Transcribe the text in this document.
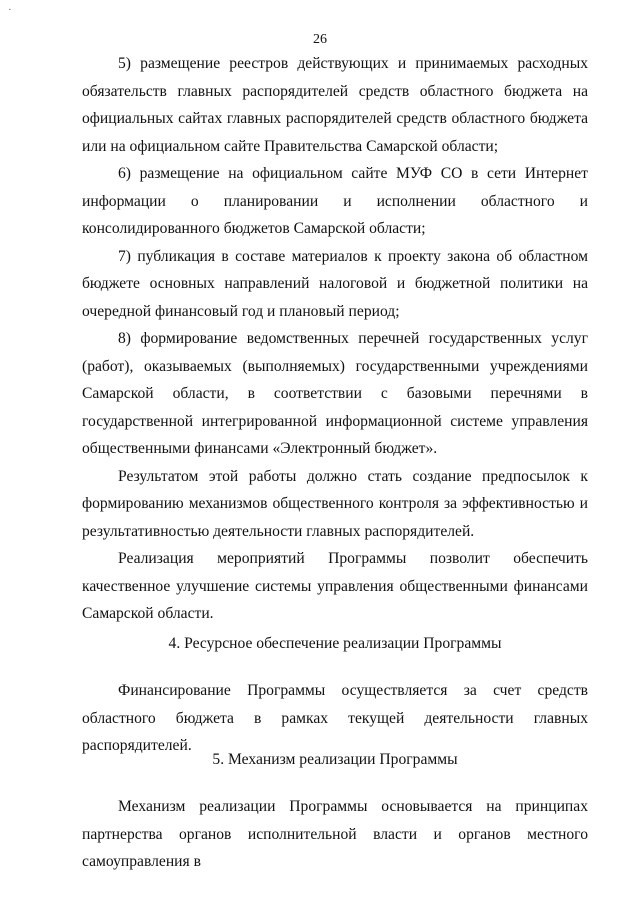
·
26

5) размещение реестров действующих и принимаемых расходных обязательств главных распорядителей средств областного бюджета на официальных сайтах главных распорядителей средств областного бюджета или на официальном сайте Правительства Самарской области;

6) размещение на официальном сайте МУФ СО в сети Интернет информации о планировании и исполнении областного и консолидированного бюджетов Самарской области;

7) публикация в составе материалов к проекту закона об областном бюджете основных направлений налоговой и бюджетной политики на очередной финансовый год и плановый период;

8) формирование ведомственных перечней государственных услуг (работ), оказываемых (выполняемых) государственными учреждениями Самарской области, в соответствии с базовыми перечнями в государственной интегрированной информационной системе управления общественными финансами «Электронный бюджет».

Результатом этой работы должно стать создание предпосылок к формированию механизмов общественного контроля за эффективностью и результативностью деятельности главных распорядителей.

Реализация мероприятий Программы позволит обеспечить качественное улучшение системы управления общественными финансами Самарской области.

4. Ресурсное обеспечение реализации Программы

Финансирование Программы осуществляется за счет средств областного бюджета в рамках текущей деятельности главных распорядителей.

5. Механизм реализации Программы

Механизм реализации Программы основывается на принципах партнерства органов исполнительной власти и органов местного самоуправления в
